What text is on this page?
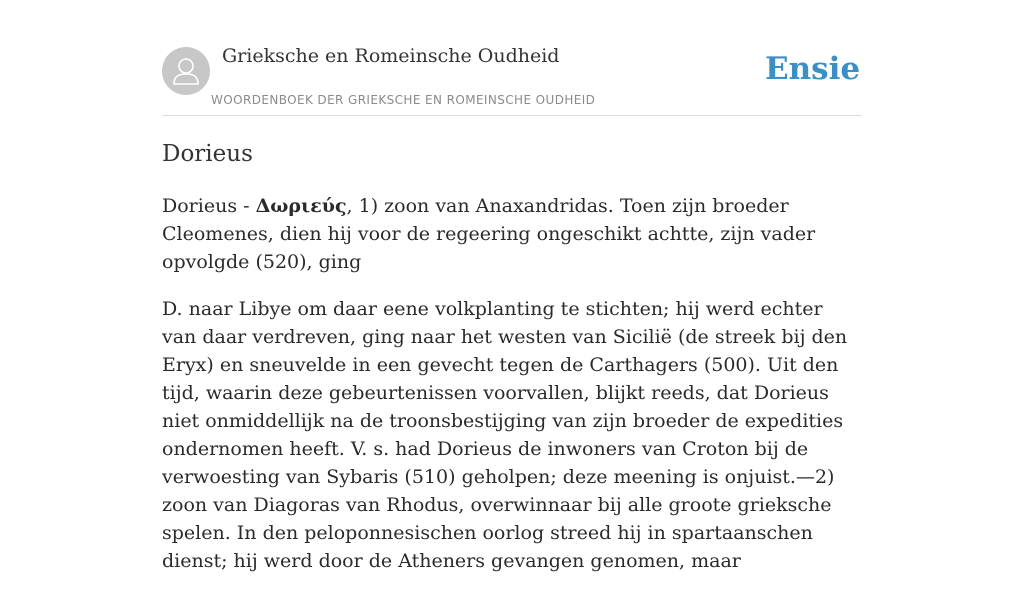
Grieksche en Romeinsche Oudheid
WOORDENBOEK DER GRIEKSCHE EN ROMEINSCHE OUDHEID
Ensie
Dorieus

Dorieus - Δωριεύς, 1) zoon van Anaxandridas. Toen zijn broeder Cleomenes, dien hij voor de regeering ongeschikt achtte, zijn vader opvolgde (520), ging

D. naar Libye om daar eene volkplanting te stichten; hij werd echter van daar verdreven, ging naar het westen van Sicilië (de streek bij den Eryx) en sneuvelde in een gevecht tegen de Carthagers (500). Uit den tijd, waarin deze gebeurtenissen voorvallen, blijkt reeds, dat Dorieus niet onmiddellijk na de troonsbestijging van zijn broeder de expedities ondernomen heeft. V. s. had Dorieus de inwoners van Croton bij de verwoesting van Sybaris (510) geholpen; deze meening is onjuist.—2) zoon van Diagoras van Rhodus, overwinnaar bij alle groote grieksche spelen. In den peloponnesischen oorlog streed hij in spartaanschen dienst; hij werd door de Atheners gevangen genomen, maar
